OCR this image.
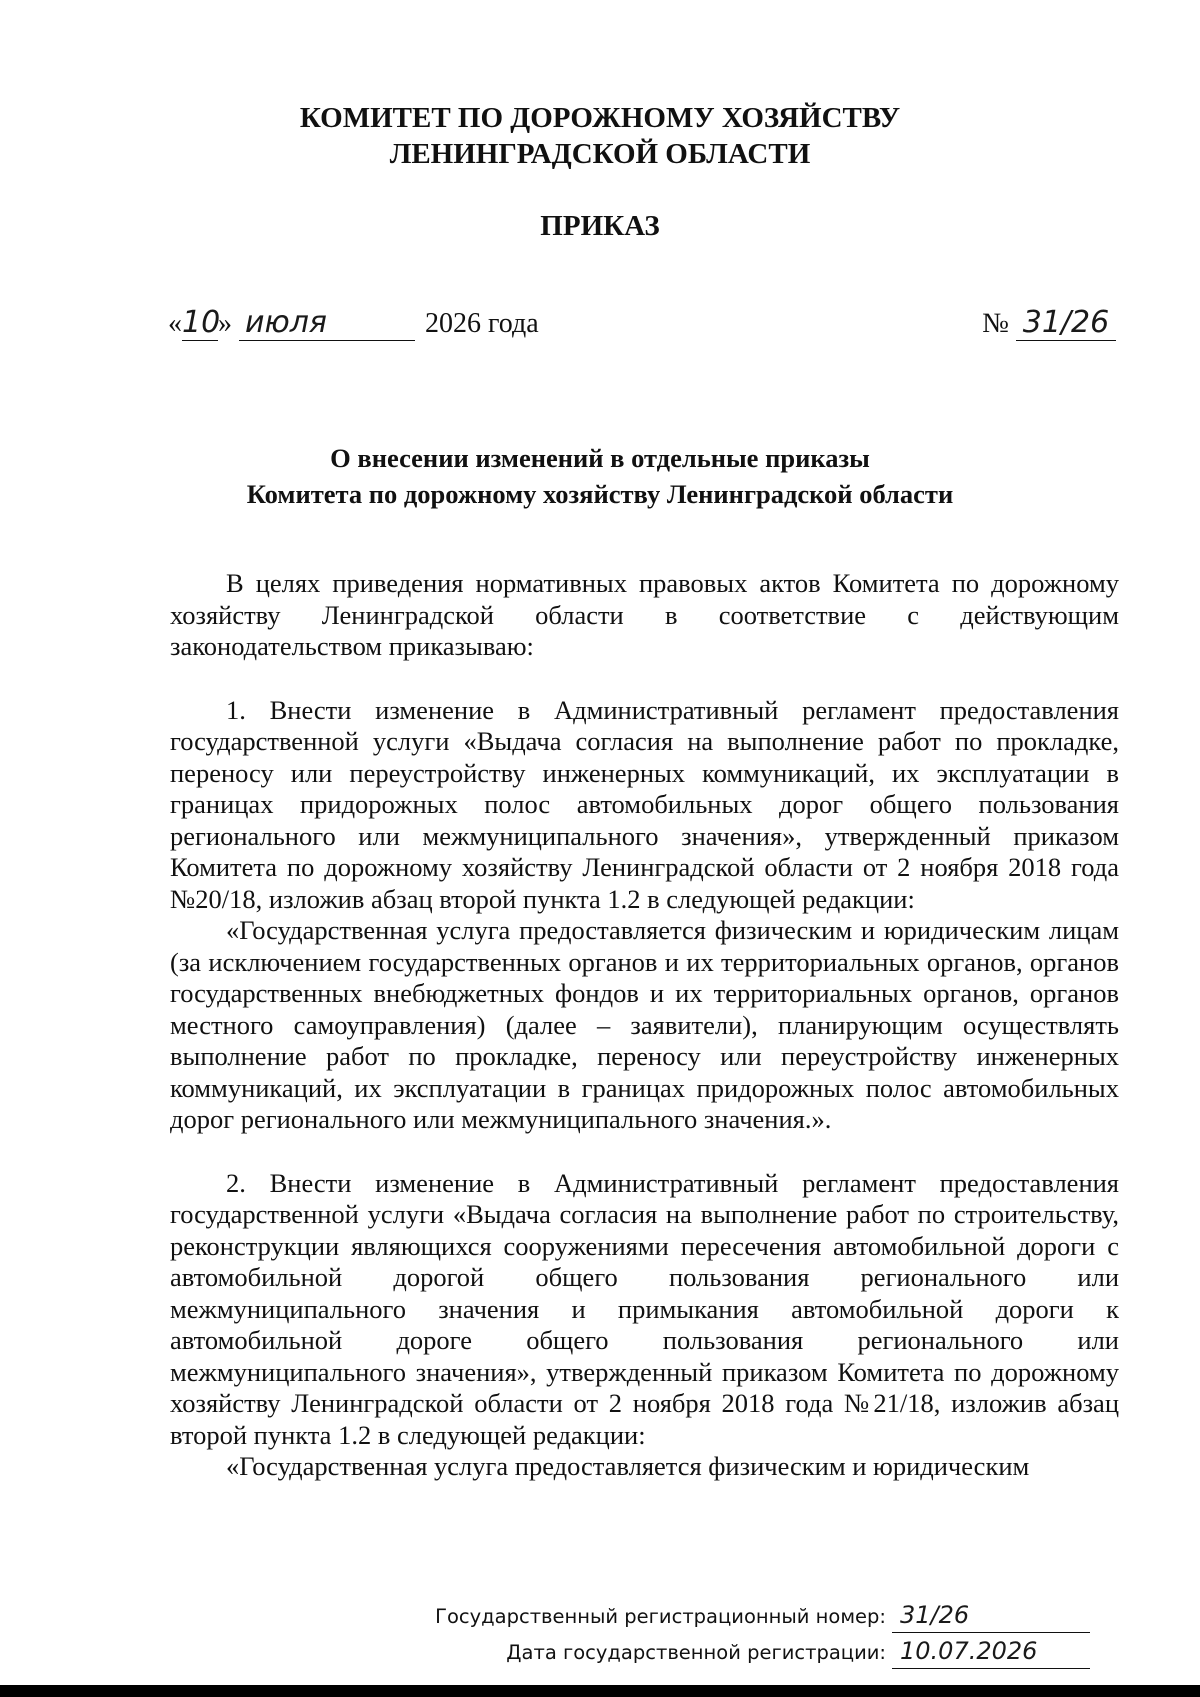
КОМИТЕТ ПО ДОРОЖНОМУ ХОЗЯЙСТВУ
ЛЕНИНГРАДСКОЙ ОБЛАСТИ
ПРИКАЗ
«10» июля	2026 года	№ 31/26
О внесении изменений в отдельные приказы
Комитета по дорожному хозяйству Ленинградской области

В целях приведения нормативных правовых актов Комитета по дорожному хозяйству Ленинградской области в соответствие с действующим законодательством приказываю:

1. Внести изменение в Административный регламент предоставления государственной услуги «Выдача согласия на выполнение работ по прокладке, переносу или переустройству инженерных коммуникаций, их эксплуатации в границах придорожных полос автомобильных дорог общего пользования регионального или межмуниципального значения», утвержденный приказом Комитета по дорожному хозяйству Ленинградской области от 2 ноября 2018 года №20/18, изложив абзац второй пункта 1.2 в следующей редакции:

«Государственная услуга предоставляется физическим и юридическим лицам (за исключением государственных органов и их территориальных органов, органов государственных внебюджетных фондов и их территориальных органов, органов местного самоуправления) (далее – заявители), планирующим осуществлять выполнение работ по прокладке, переносу или переустройству инженерных коммуникаций, их эксплуатации в границах придорожных полос автомобильных дорог регионального или межмуниципального значения.».

2. Внести изменение в Административный регламент предоставления государственной услуги «Выдача согласия на выполнение работ по строительству, реконструкции являющихся сооружениями пересечения автомобильной дороги с автомобильной дорогой общего пользования регионального или межмуниципального значения и примыкания автомобильной дороги к автомобильной дороге общего пользования регионального или межмуниципального значения», утвержденный приказом Комитета по дорожному хозяйству Ленинградской области от 2 ноября 2018 года №21/18, изложив абзац второй пункта 1.2 в следующей редакции:

«Государственная услуга предоставляется физическим и юридическим

Государственный регистрационный номер: 31/26
Дата государственной регистрации: 10.07.2026
